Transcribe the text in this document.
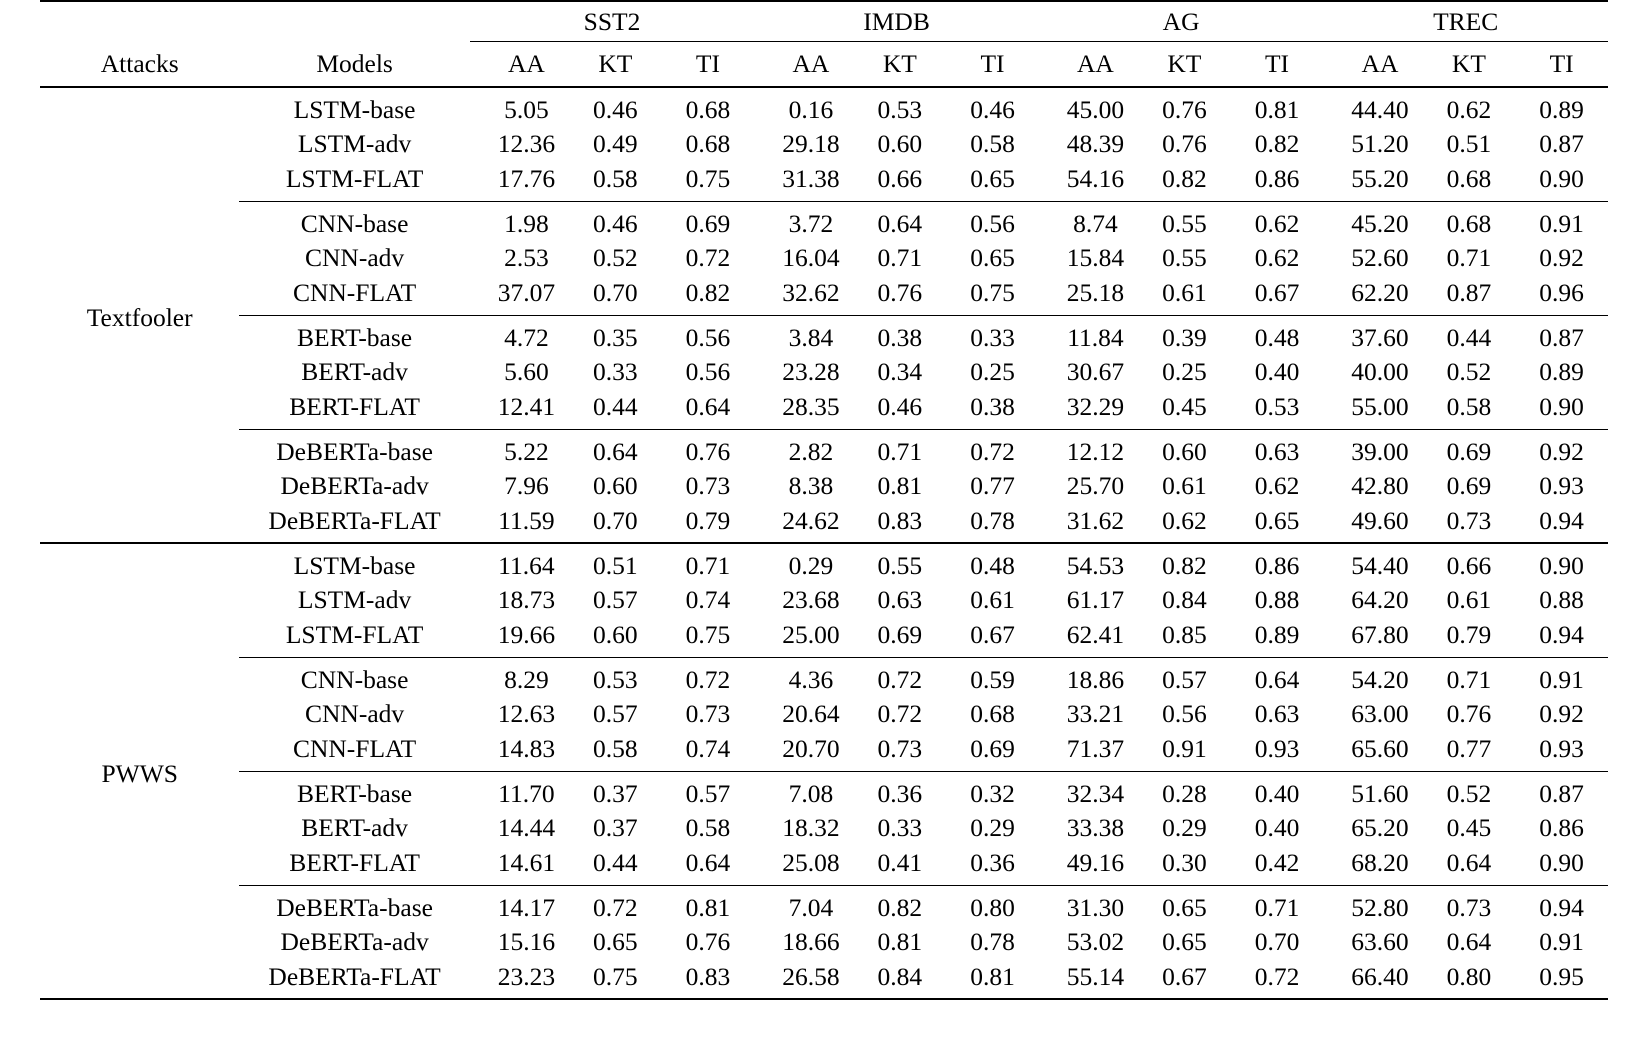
		SST2			IMDB			AG			TREC		
Attacks	Models	AA	KT	TI	AA	KT	TI	AA	KT	TI	AA	KT	TI
Textfooler	LSTM-base	5.05	0.46	0.68	0.16	0.53	0.46	45.00	0.76	0.81	44.40	0.62	0.89
	LSTM-adv	12.36	0.49	0.68	29.18	0.60	0.58	48.39	0.76	0.82	51.20	0.51	0.87
	LSTM-FLAT	17.76	0.58	0.75	31.38	0.66	0.65	54.16	0.82	0.86	55.20	0.68	0.90
	CNN-base	1.98	0.46	0.69	3.72	0.64	0.56	8.74	0.55	0.62	45.20	0.68	0.91
	CNN-adv	2.53	0.52	0.72	16.04	0.71	0.65	15.84	0.55	0.62	52.60	0.71	0.92
	CNN-FLAT	37.07	0.70	0.82	32.62	0.76	0.75	25.18	0.61	0.67	62.20	0.87	0.96
	BERT-base	4.72	0.35	0.56	3.84	0.38	0.33	11.84	0.39	0.48	37.60	0.44	0.87
	BERT-adv	5.60	0.33	0.56	23.28	0.34	0.25	30.67	0.25	0.40	40.00	0.52	0.89
	BERT-FLAT	12.41	0.44	0.64	28.35	0.46	0.38	32.29	0.45	0.53	55.00	0.58	0.90
	DeBERTa-base	5.22	0.64	0.76	2.82	0.71	0.72	12.12	0.60	0.63	39.00	0.69	0.92
	DeBERTa-adv	7.96	0.60	0.73	8.38	0.81	0.77	25.70	0.61	0.62	42.80	0.69	0.93
	DeBERTa-FLAT	11.59	0.70	0.79	24.62	0.83	0.78	31.62	0.62	0.65	49.60	0.73	0.94
PWWS	LSTM-base	11.64	0.51	0.71	0.29	0.55	0.48	54.53	0.82	0.86	54.40	0.66	0.90
	LSTM-adv	18.73	0.57	0.74	23.68	0.63	0.61	61.17	0.84	0.88	64.20	0.61	0.88
	LSTM-FLAT	19.66	0.60	0.75	25.00	0.69	0.67	62.41	0.85	0.89	67.80	0.79	0.94
	CNN-base	8.29	0.53	0.72	4.36	0.72	0.59	18.86	0.57	0.64	54.20	0.71	0.91
	CNN-adv	12.63	0.57	0.73	20.64	0.72	0.68	33.21	0.56	0.63	63.00	0.76	0.92
	CNN-FLAT	14.83	0.58	0.74	20.70	0.73	0.69	71.37	0.91	0.93	65.60	0.77	0.93
	BERT-base	11.70	0.37	0.57	7.08	0.36	0.32	32.34	0.28	0.40	51.60	0.52	0.87
	BERT-adv	14.44	0.37	0.58	18.32	0.33	0.29	33.38	0.29	0.40	65.20	0.45	0.86
	BERT-FLAT	14.61	0.44	0.64	25.08	0.41	0.36	49.16	0.30	0.42	68.20	0.64	0.90
	DeBERTa-base	14.17	0.72	0.81	7.04	0.82	0.80	31.30	0.65	0.71	52.80	0.73	0.94
	DeBERTa-adv	15.16	0.65	0.76	18.66	0.81	0.78	53.02	0.65	0.70	63.60	0.64	0.91
	DeBERTa-FLAT	23.23	0.75	0.83	26.58	0.84	0.81	55.14	0.67	0.72	66.40	0.80	0.95
